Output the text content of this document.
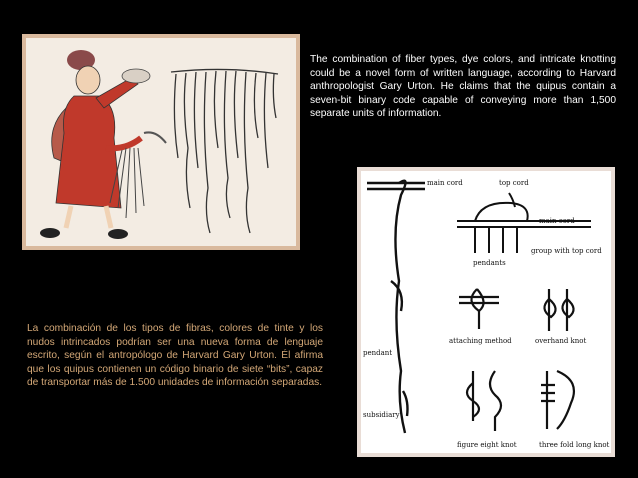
The combination of fiber types, dye colors, and intricate knotting could be a novel form of written language, according to Harvard anthropologist Gary Urton. He claims that the quipus contain a seven-bit binary code capable of conveying more than 1,500 separate units of information.

La combinación de los tipos de fibras, colores de tinte y los nudos intrincados podrían ser una nueva forma de lenguaje escrito, según el antropólogo de Harvard Gary Urton. Él afirma que los quipus contienen un código binario de siete “bits”, capaz de transportar más de 1.500 unidades de información separadas.

main cord	top cord
main cord
pendants
group with top cord
attaching method	overhand knot
pendant
subsidiary
figure eight knot	three fold long knot
